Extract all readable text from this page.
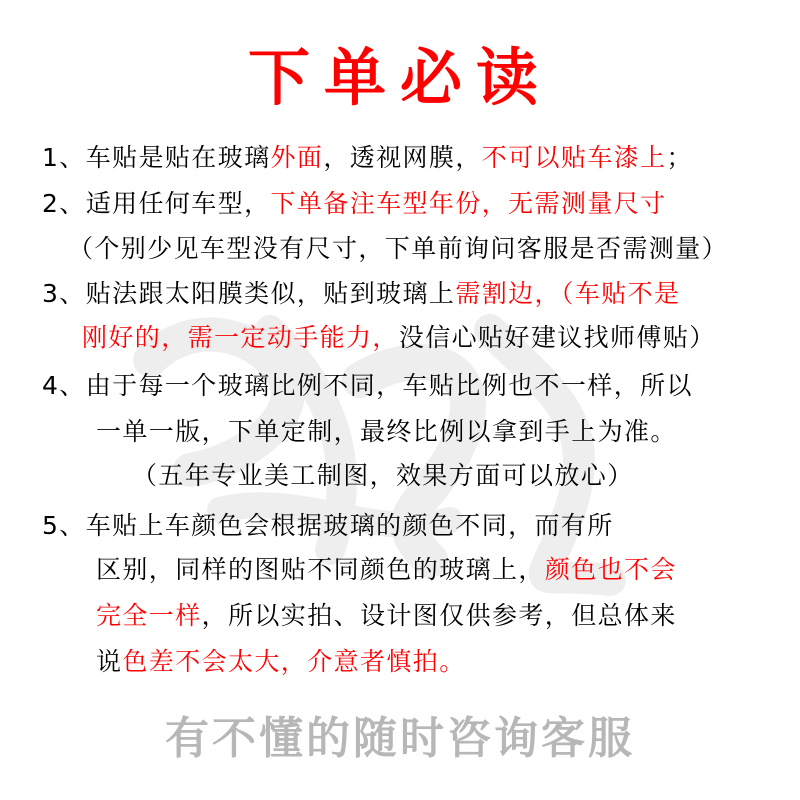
下单必读
1、车贴是贴在玻璃外面，透视网膜，不可以贴车漆上；
2、适用任何车型，下单备注车型年份，无需测量尺寸
（个别少见车型没有尺寸，下单前询问客服是否需测量）
3、贴法跟太阳膜类似，贴到玻璃上需割边，（车贴不是
刚好的，需一定动手能力，没信心贴好建议找师傅贴）
4、由于每一个玻璃比例不同，车贴比例也不一样，所以
一单一版，下单定制，最终比例以拿到手上为准。
（五年专业美工制图，效果方面可以放心）
5、车贴上车颜色会根据玻璃的颜色不同，而有所
区别，同样的图贴不同颜色的玻璃上，颜色也不会
完全一样，所以实拍、设计图仅供参考，但总体来
说色差不会太大，介意者慎拍。
有不懂的随时咨询客服
